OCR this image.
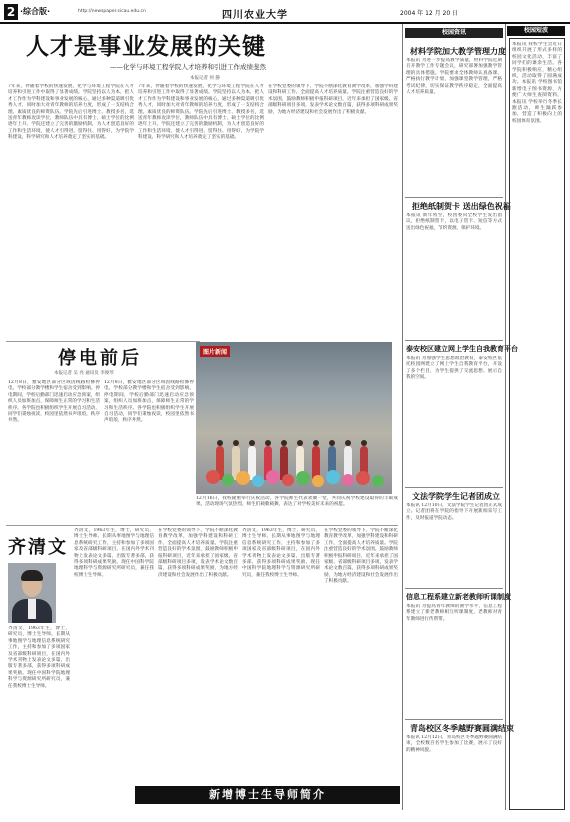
2 ·综合版·	http://newspaper.sicau.edu.cn	四川农业大学	2004 年 12 月 20 日
校园短波
人才是事业发展的关键
——化学与环境工程学院人才培养和引进工作成绩斐然
本报记者 何 静
7年来，伴随着学校的快速发展，化学与环境工程学院在人才培养和引进工作中取得了显著成绩。学院坚持以人为本，把人才工作作为学科建设和事业发展的核心，通过多种渠道吸引优秀人才，同时加大对青年教师的培养力度，形成了一支结构合理、素质优良的师资队伍。学院先后引进博士、教授多名，选送青年教师攻读学位，教师队伍中具有博士、硕士学位的比例逐年上升。学院还建立了完善的激励机制，为人才创造良好的工作和生活环境，使人才引得进、留得住、用得好，为学院学科建设、科学研究和人才培养奠定了坚实的基础。
7年来，伴随着学校的快速发展，化学与环境工程学院在人才培养和引进工作中取得了显著成绩。学院坚持以人为本，把人才工作作为学科建设和事业发展的核心，通过多种渠道吸引优秀人才，同时加大对青年教师的培养力度，形成了一支结构合理、素质优良的师资队伍。学院先后引进博士、教授多名，选送青年教师攻读学位，教师队伍中具有博士、硕士学位的比例逐年上升。学院还建立了完善的激励机制，为人才创造良好的工作和生活环境，使人才引得进、留得住、用得好，为学院学科建设、科学研究和人才培养奠定了坚实的基础。
在学校党委的领导下，学院不断深化教育教学改革，加强学科建设和科研工作，全面提高人才培养质量。学院注重营造良好的学术氛围，鼓励教师积极申报科研项目，近年来承担了国家级、省部级科研项目多项，发表学术论文数百篇，获得多项科研成果奖励，为地方经济建设和社会发展作出了积极贡献。
停电前后
本报记者 吴 亮 通讯员 李俊琴
12月8日，雅安地区部分区域因线路检修停电，学校部分教学楼和学生宿舍受到影响。停电期间，学校后勤部门迅速启动应急预案，组织人员加班加点，保障师生正常的学习和生活秩序。各学院也积极组织学生开展自习活动，同学们秉烛夜读，校园里依然书声琅琅，秩序井然。
12月8日，雅安地区部分区域因线路检修停电，学校部分教学楼和学生宿舍受到影响。停电期间，学校后勤部门迅速启动应急预案，组织人员加班加点，保障师生正常的学习和生活秩序。各学院也积极组织学生开展自习活动，同学们秉烛夜读，校园里依然书声琅琅，秩序井然。
图片新闻
12月16日，我校隆重举行庆祝活动，各学院师生代表欢聚一堂，共同庆祝学校建设取得的丰硕成果。活动现场气氛热烈，师生们载歌载舞，表达了对学校美好未来的祝愿。
齐清文
齐清文，1963年生，博士，研究员，博士生导师。长期从事地图学与地理信息系统研究工作，主持和参加了多项国家及省部级科研项目，在国内外学术刊物上发表论文多篇，出版专著多部，获得多项科研成果奖励。现任中国科学院地理科学与资源研究所研究员，兼任我校博士生导师。
齐清文，1963年生，博士，研究员，博士生导师。长期从事地图学与地理信息系统研究工作，主持和参加了多项国家及省部级科研项目，在国内外学术刊物上发表论文多篇，出版专著多部，获得多项科研成果奖励。现任中国科学院地理科学与资源研究所研究员，兼任我校博士生导师。
在学校党委的领导下，学院不断深化教育教学改革，加强学科建设和科研工作，全面提高人才培养质量。学院注重营造良好的学术氛围，鼓励教师积极申报科研项目，近年来承担了国家级、省部级科研项目多项，发表学术论文数百篇，获得多项科研成果奖励，为地方经济建设和社会发展作出了积极贡献。
齐清文，1963年生，博士，研究员，博士生导师。长期从事地图学与地理信息系统研究工作，主持和参加了多项国家及省部级科研项目，在国内外学术刊物上发表论文多篇，出版专著多部，获得多项科研成果奖励。现任中国科学院地理科学与资源研究所研究员，兼任我校博士生导师。
在学校党委的领导下，学院不断深化教育教学改革，加强学科建设和科研工作，全面提高人才培养质量。学院注重营造良好的学术氛围，鼓励教师积极申报科研项目，近年来承担了国家级、省部级科研项目多项，发表学术论文数百篇，获得多项科研成果奖励，为地方经济建设和社会发展作出了积极贡献。
新增博士生导师简介
校园资讯
材料学院加大教学管理力度
本报讯 为进一步提高教学质量，材料学院近期召开教学工作专题会议，研究部署加强教学管理的具体措施。学院要求全体教师认真备课，严格执行教学计划，加强课堂教学管理，严格考试纪律，切实保证教学秩序稳定，全面提高人才培养质量。
拒绝纸制贺卡 送出绿色祝福
本报讯 新年将至，校团委向全校学生发出倡议，拒绝纸制贺卡，以电子贺卡、短信等方式送出绿色祝福，节约资源，保护环境。
泰安校区建立网上学生自我教育平台
本报讯 为加强学生思想政治教育，泰安校区依托校园网建立了网上学生自我教育平台，开设了多个栏目，为学生提供了交流思想、展示自我的空间。
文法学院学生记者团成立
本报讯 12月10日，文法学院学生记者团正式成立。记者团将在学院的指导下开展新闻采写工作，及时报道学院动态。
信息工程系建立新老教师听课制度
本报讯 为提高青年教师的教学水平，信息工程系建立了新老教师相互听课制度，老教师对青年教师进行传帮带。
青岛校区冬季越野赛圆满结束
本报讯 12月12日，青岛校区冬季越野赛圆满结束，全校数百名学生参加了比赛，展示了良好的精神风貌。
本报讯 我校学生会近日组织开展了形式多样的校园文化活动，丰富了同学们的课余生活。各学院积极响应，精心组织，活动取得了圆满成功。本报讯 学校图书馆新增电子图书资源，方便广大师生查阅资料。本报讯 学校举行冬季长跑活动，师生踊跃参加，营造了积极向上的校园体育氛围。
